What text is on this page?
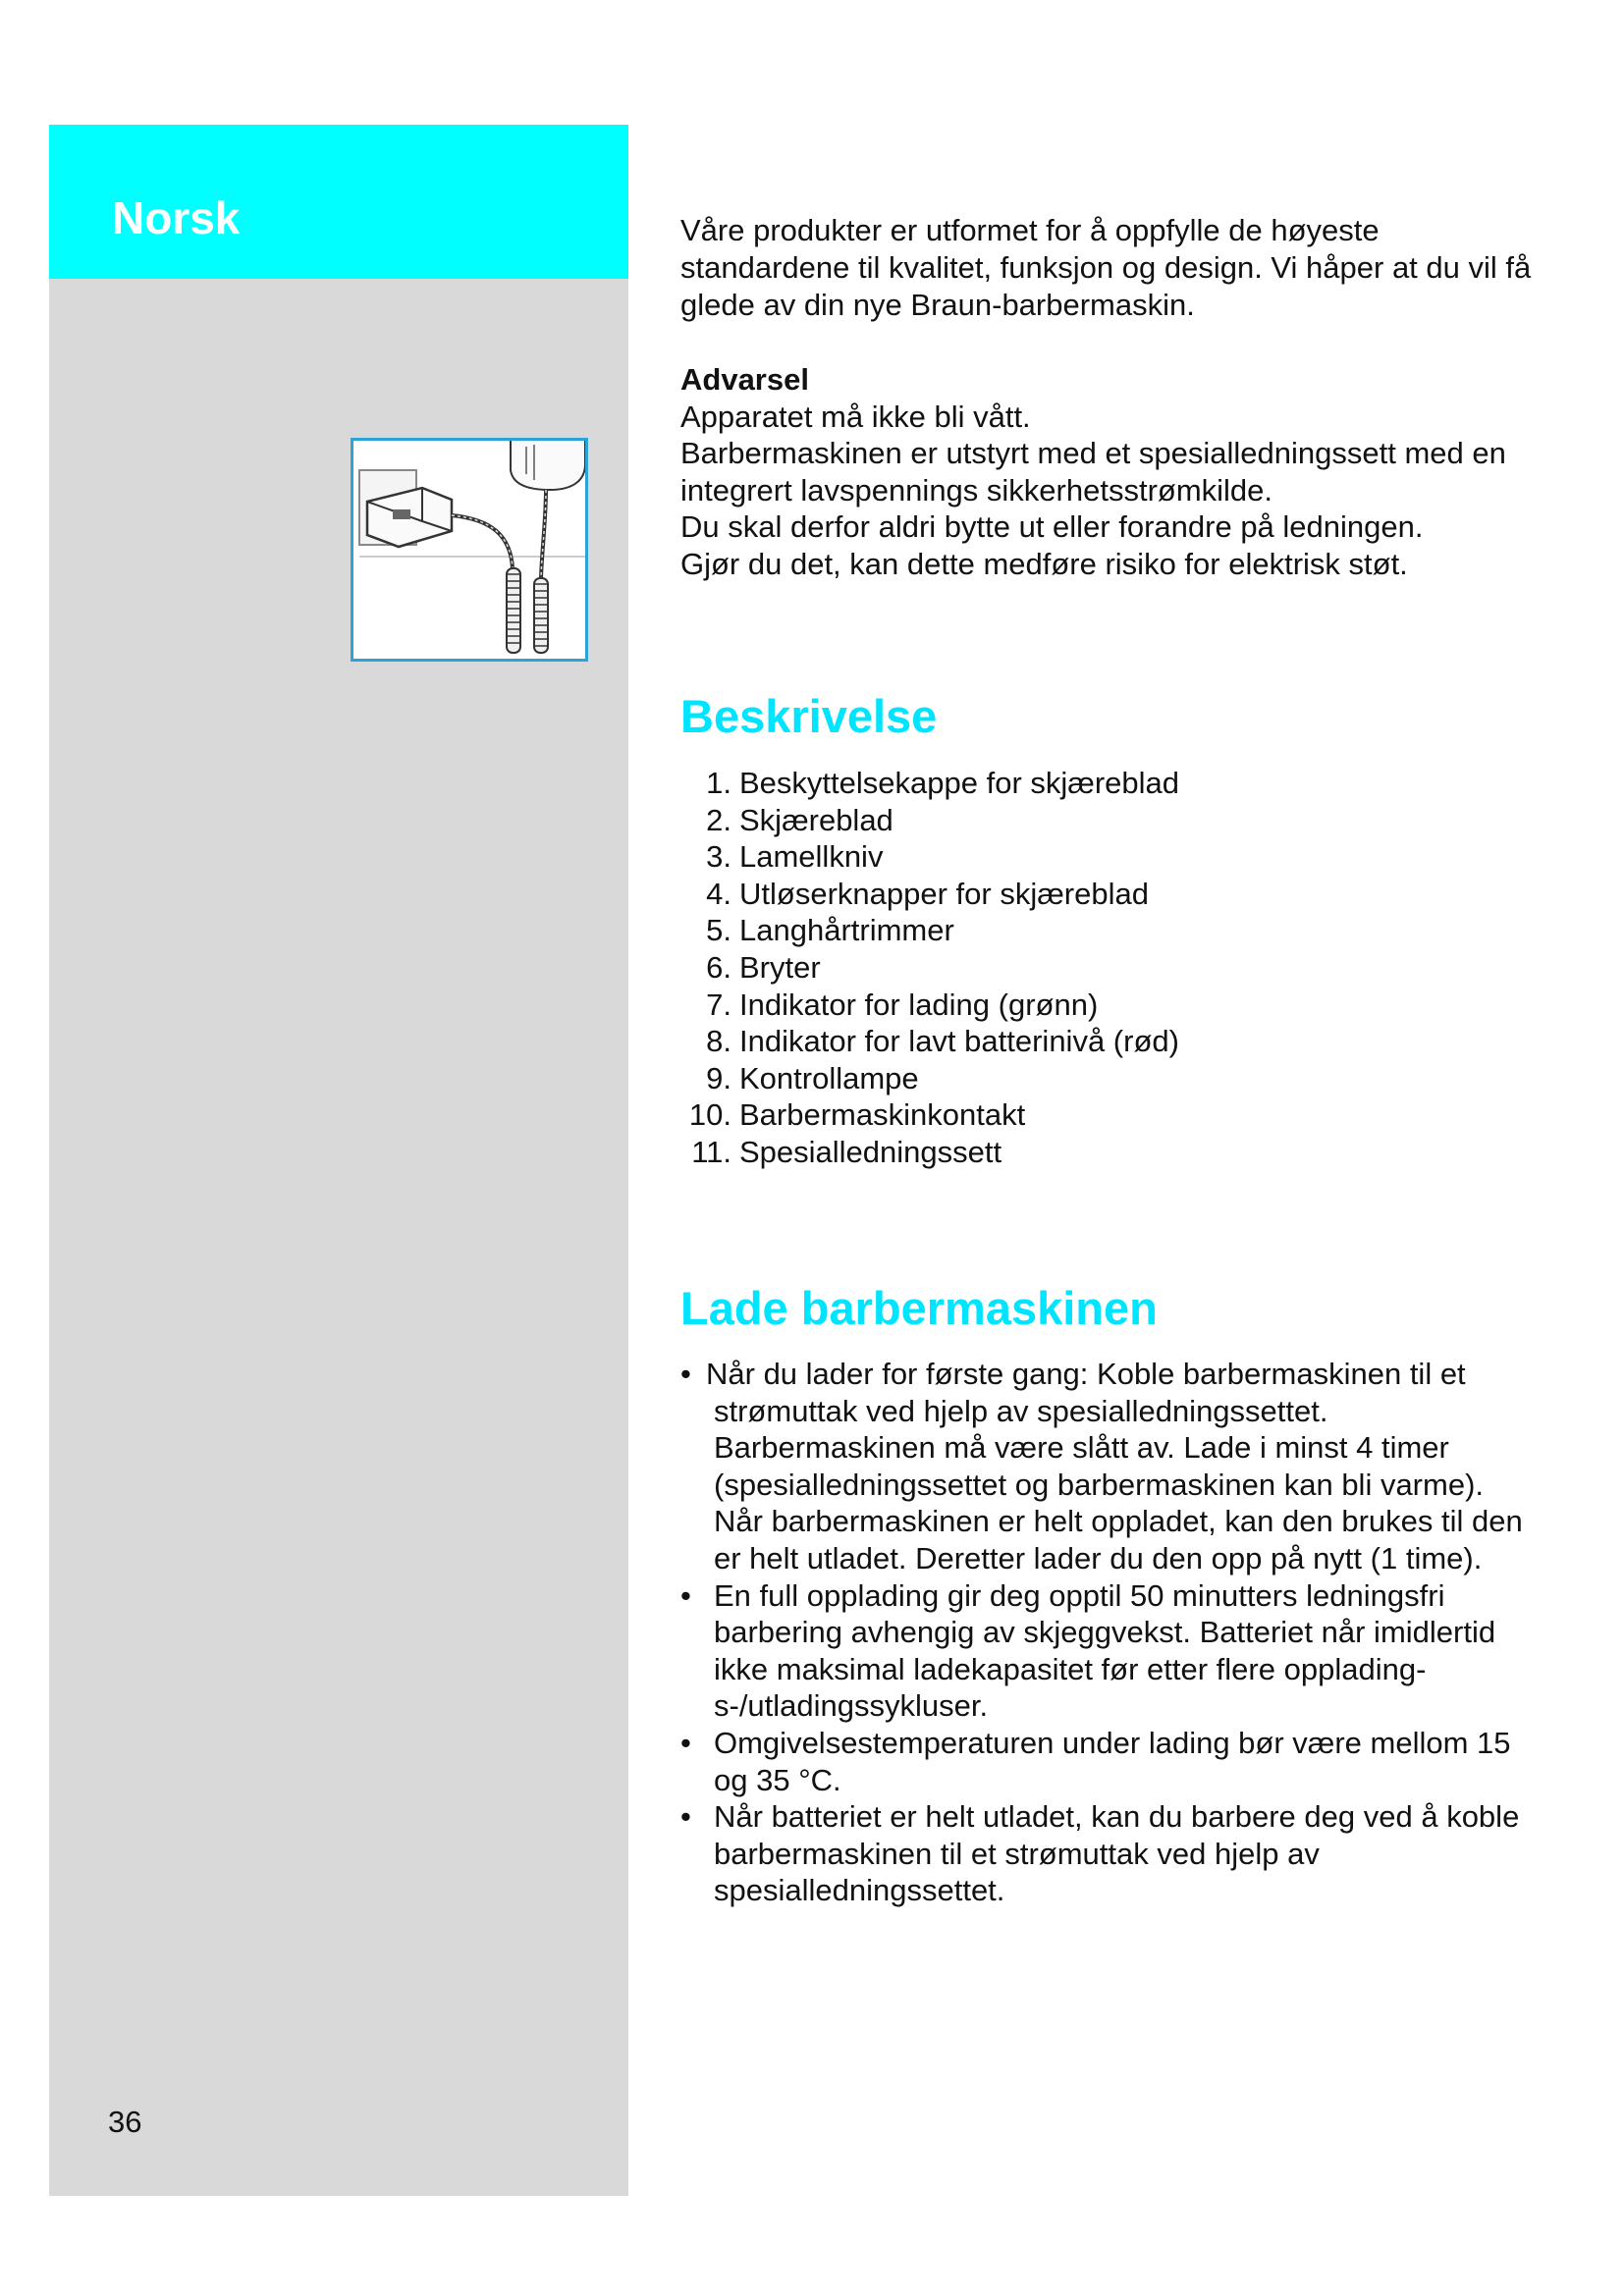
Norsk
36

Våre produkter er utformet for å oppfylle de høyeste standardene til kvalitet, funksjon og design. Vi håper at du vil få glede av din nye Braun-barbermaskin.

Advarsel

Apparatet må ikke bli vått.

Barbermaskinen er utstyrt med et spesialledningssett med en integrert lavspennings sikkerhetsstrømkilde.

Du skal derfor aldri bytte ut eller forandre på ledningen.

Gjør du det, kan dette medføre risiko for elektrisk støt.

Beskrivelse
1. Beskyttelsekappe for skjæreblad
2. Skjæreblad
3. Lamellkniv
4. Utløserknapper for skjæreblad
5. Langhårtrimmer
6. Bryter
7. Indikator for lading (grønn)
8. Indikator for lavt batterinivå (rød)
9. Kontrollampe
10. Barbermaskinkontakt
11. Spesialledningssett
Lade barbermaskinen
• Når du lader for første gang: Koble barbermaskinen til et strømuttak ved hjelp av spesialledningssettet. Barbermaskinen må være slått av. Lade i minst 4 timer (spesialledningssettet og barbermaskinen kan bli varme). Når barbermaskinen er helt oppladet, kan den brukes til den er helt utladet. Deretter lader du den opp på nytt (1 time).
• En full opplading gir deg opptil 50 minutters ledningsfri barbering avhengig av skjeggvekst. Batteriet når imidlertid ikke maksimal ladekapasitet før etter flere oppladings-/utladingssykluser.
• Omgivelsestemperaturen under lading bør være mellom 15 og 35 °C.
• Når batteriet er helt utladet, kan du barbere deg ved å koble barbermaskinen til et strømuttak ved hjelp av spesialledningssettet.
